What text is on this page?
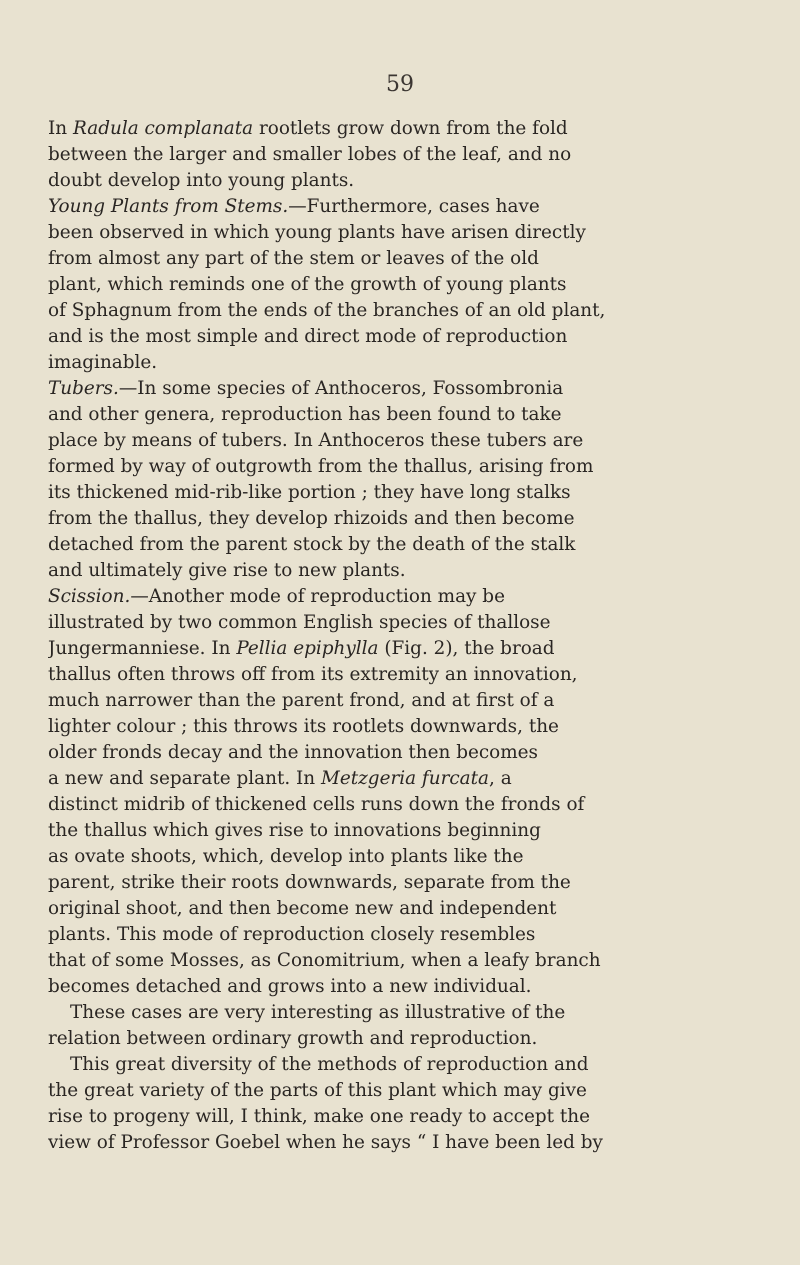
59
In Radula complanata rootlets grow down from the fold
between the larger and smaller lobes of the leaf, and no
doubt develop into young plants.
Young Plants from Stems.—Furthermore, cases have
been observed in which young plants have arisen directly
from almost any part of the stem or leaves of the old
plant, which reminds one of the growth of young plants
of Sphagnum from the ends of the branches of an old plant,
and is the most simple and direct mode of reproduction
imaginable.
Tubers.—In some species of Anthoceros, Fossombronia
and other genera, reproduction has been found to take
place by means of tubers. In Anthoceros these tubers are
formed by way of outgrowth from the thallus, arising from
its thickened mid-rib-like portion ; they have long stalks
from the thallus, they develop rhizoids and then become
detached from the parent stock by the death of the stalk
and ultimately give rise to new plants.
Scission.—Another mode of reproduction may be
illustrated by two common English species of thallose
Jungermanniese. In Pellia epiphylla (Fig. 2), the broad
thallus often throws off from its extremity an innovation,
much narrower than the parent frond, and at first of a
lighter colour ; this throws its rootlets downwards, the
older fronds decay and the innovation then becomes
a new and separate plant. In Metzgeria furcata, a
distinct midrib of thickened cells runs down the fronds of
the thallus which gives rise to innovations beginning
as ovate shoots, which, develop into plants like the
parent, strike their roots downwards, separate from the
original shoot, and then become new and independent
plants. This mode of reproduction closely resembles
that of some Mosses, as Conomitrium, when a leafy branch
becomes detached and grows into a new individual.
These cases are very interesting as illustrative of the
relation between ordinary growth and reproduction.
This great diversity of the methods of reproduction and
the great variety of the parts of this plant which may give
rise to progeny will, I think, make one ready to accept the
view of Professor Goebel when he says “ I have been led by
